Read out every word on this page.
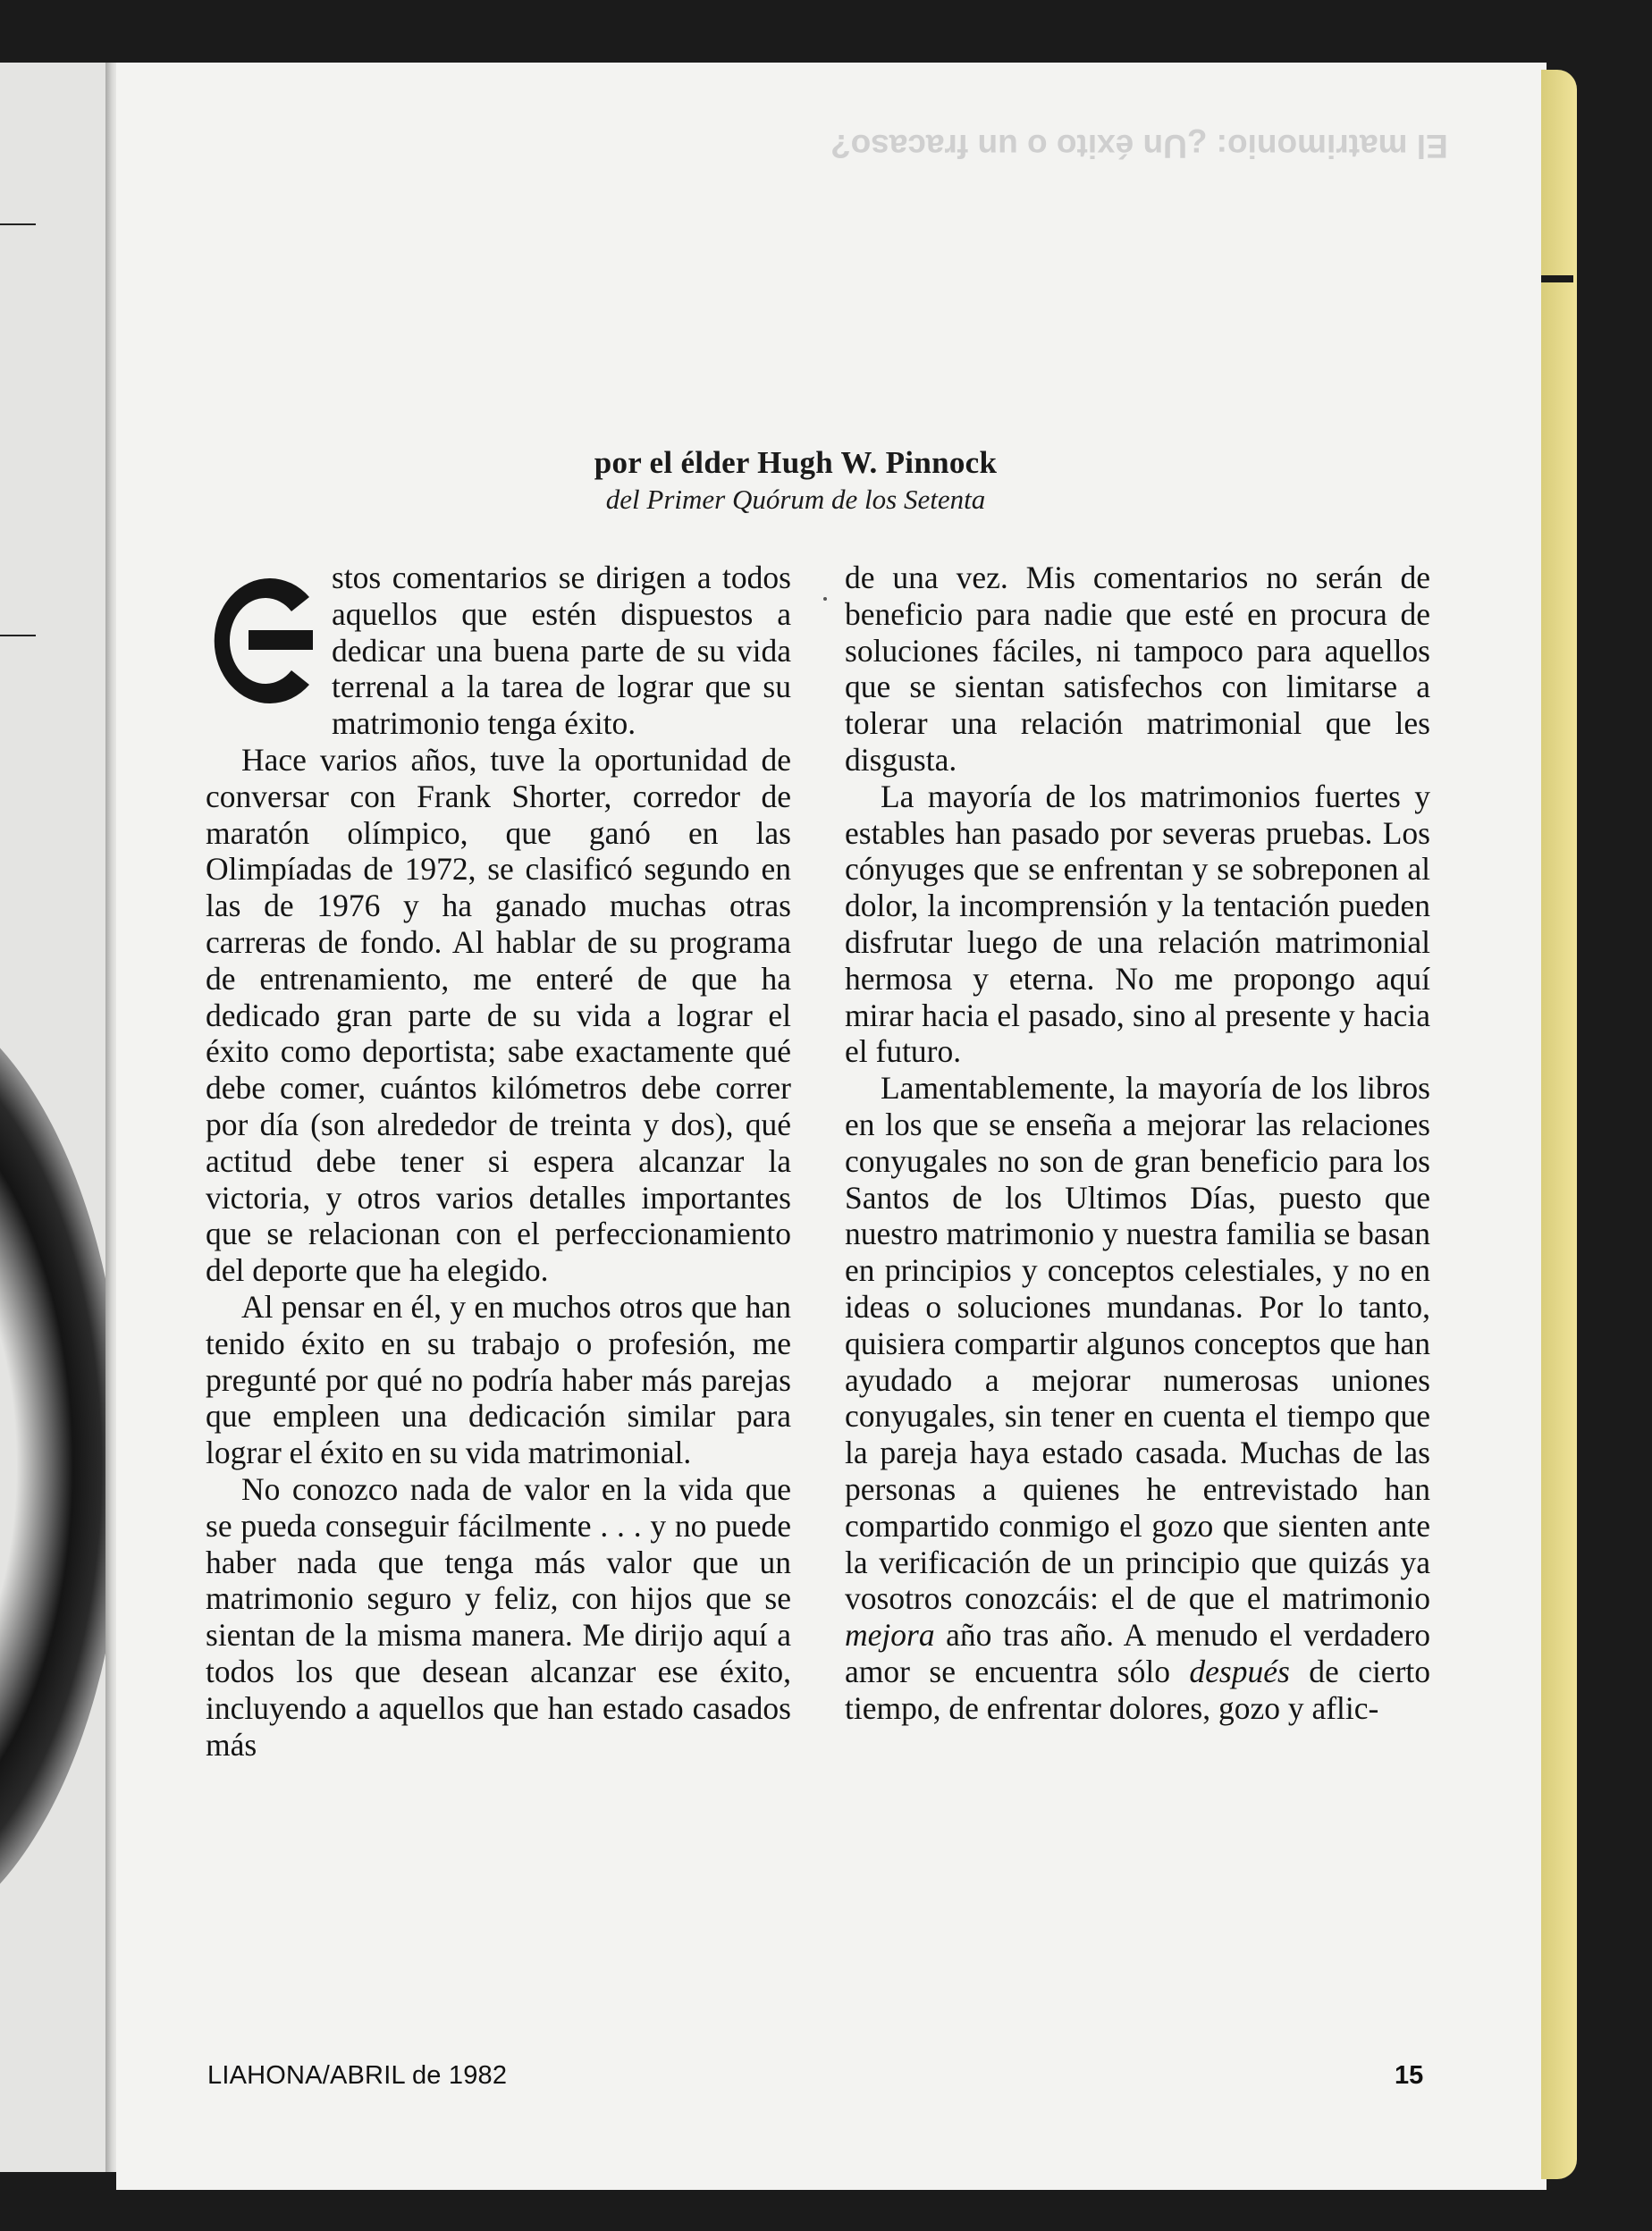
El matrimonio: ¿Un éxito o un fracaso?
por el élder Hugh W. Pinnock
del Primer Quórum de los Setenta

stos comentarios se dirigen a todos aquellos que estén dispuestos a dedicar una buena parte de su vida terrenal a la tarea de lograr que su matrimonio tenga éxito.

Hace varios años, tuve la oportunidad de conversar con Frank Shorter, corredor de maratón olímpico, que ganó en las Olimpíadas de 1972, se clasificó segundo en las de 1976 y ha ganado muchas otras carreras de fondo. Al hablar de su programa de entrenamiento, me enteré de que ha dedicado gran parte de su vida a lograr el éxito como deportista; sabe exactamente qué debe comer, cuántos kilómetros debe correr por día (son alrededor de treinta y dos), qué actitud debe tener si espera alcanzar la victoria, y otros varios detalles importantes que se relacionan con el perfeccionamiento del deporte que ha elegido.

Al pensar en él, y en muchos otros que han tenido éxito en su trabajo o profesión, me pregunté por qué no podría haber más parejas que empleen una dedicación similar para lograr el éxito en su vida matrimonial.

No conozco nada de valor en la vida que se pueda conseguir fácilmente . . . y no puede haber nada que tenga más valor que un matrimonio seguro y feliz, con hijos que se sientan de la misma manera. Me dirijo aquí a todos los que desean alcanzar ese éxito, incluyendo a aquellos que han estado casados más

de una vez. Mis comentarios no serán de beneficio para nadie que esté en procura de soluciones fáciles, ni tampoco para aquellos que se sientan satisfechos con limitarse a tolerar una relación matrimonial que les disgusta.

La mayoría de los matrimonios fuertes y estables han pasado por severas pruebas. Los cónyuges que se enfrentan y se sobreponen al dolor, la incomprensión y la tentación pueden disfrutar luego de una relación matrimonial hermosa y eterna. No me propongo aquí mirar hacia el pasado, sino al presente y hacia el futuro.

Lamentablemente, la mayoría de los libros en los que se enseña a mejorar las relaciones conyugales no son de gran beneficio para los Santos de los Ultimos Días, puesto que nuestro matrimonio y nuestra familia se basan en principios y conceptos celestiales, y no en ideas o soluciones mundanas. Por lo tanto, quisiera compartir algunos conceptos que han ayudado a mejorar numerosas uniones conyugales, sin tener en cuenta el tiempo que la pareja haya estado casada. Muchas de las personas a quienes he entrevistado han compartido conmigo el gozo que sienten ante la verificación de un principio que quizás ya vosotros conozcáis: el de que el matrimonio mejora año tras año. A menudo el verdadero amor se encuentra sólo después de cierto tiempo, de enfrentar dolores, gozo y aflic-

LIAHONA/ABRIL de 1982	15
